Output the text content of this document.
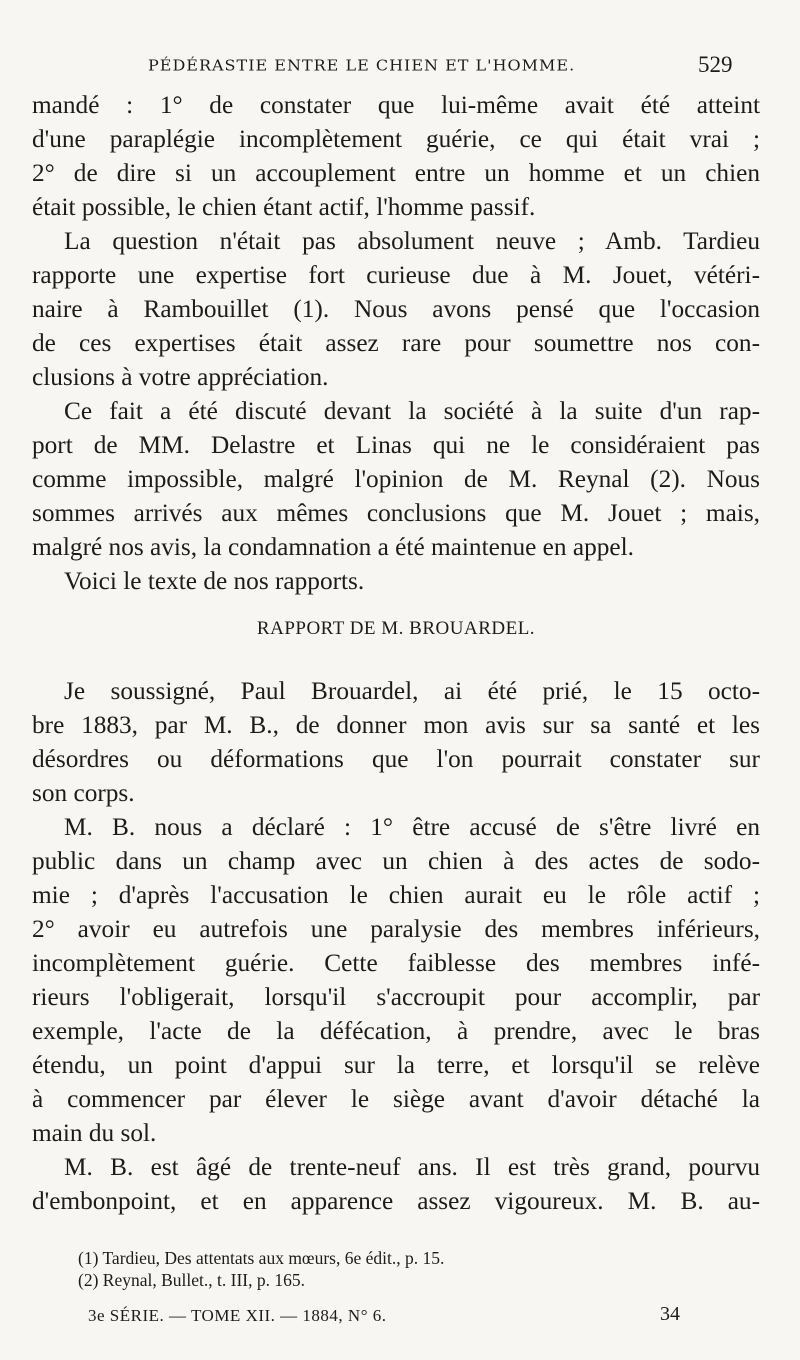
PÉDÉRASTIE ENTRE LE CHIEN ET L'HOMME.	529
mandé : 1° de constater que lui-même avait été atteint
d'une paraplégie incomplètement guérie, ce qui était vrai ;
2° de dire si un accouplement entre un homme et un chien
était possible, le chien étant actif, l'homme passif.
La question n'était pas absolument neuve ; Amb. Tardieu
rapporte une expertise fort curieuse due à M. Jouet, vétéri-
naire à Rambouillet (1). Nous avons pensé que l'occasion
de ces expertises était assez rare pour soumettre nos con-
clusions à votre appréciation.
Ce fait a été discuté devant la société à la suite d'un rap-
port de MM. Delastre et Linas qui ne le considéraient pas
comme impossible, malgré l'opinion de M. Reynal (2). Nous
sommes arrivés aux mêmes conclusions que M. Jouet ; mais,
malgré nos avis, la condamnation a été maintenue en appel.
Voici le texte de nos rapports.
RAPPORT DE M. BROUARDEL.
Je soussigné, Paul Brouardel, ai été prié, le 15 octo-
bre 1883, par M. B., de donner mon avis sur sa santé et les
désordres ou déformations que l'on pourrait constater sur
son corps.
M. B. nous a déclaré : 1° être accusé de s'être livré en
public dans un champ avec un chien à des actes de sodo-
mie ; d'après l'accusation le chien aurait eu le rôle actif ;
2° avoir eu autrefois une paralysie des membres inférieurs,
incomplètement guérie. Cette faiblesse des membres infé-
rieurs l'obligerait, lorsqu'il s'accroupit pour accomplir, par
exemple, l'acte de la défécation, à prendre, avec le bras
étendu, un point d'appui sur la terre, et lorsqu'il se relève
à commencer par élever le siège avant d'avoir détaché la
main du sol.
M. B. est âgé de trente-neuf ans. Il est très grand, pourvu
d'embonpoint, et en apparence assez vigoureux. M. B. au-
(1) Tardieu, Des attentats aux mœurs, 6e édit., p. 15.
(2) Reynal, Bullet., t. III, p. 165.
3e SÉRIE. — TOME XII. — 1884, N° 6.	34
